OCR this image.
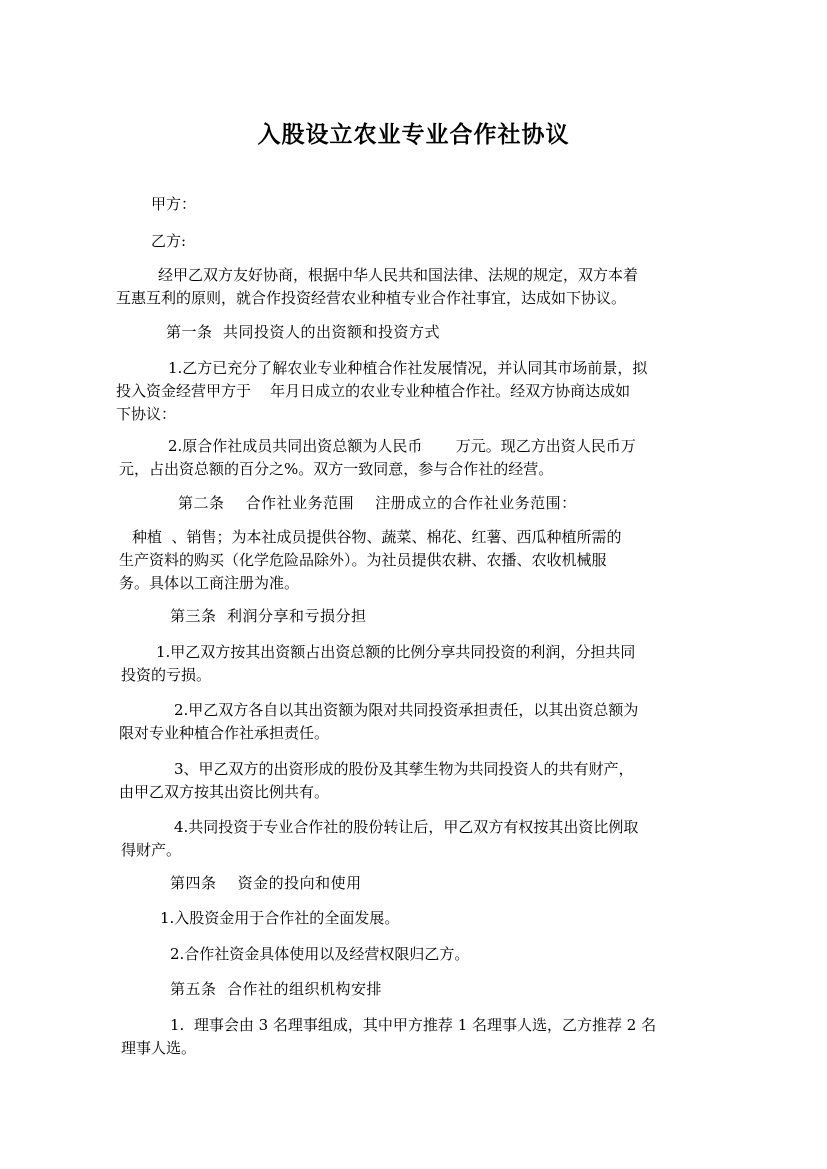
入股设立农业专业合作社协议

甲方：

乙方:

经甲乙双方友好协商，根据中华人民共和国法律、法规的规定，双方本着

互惠互利的原则，就合作投资经营农业种植专业合作社事宜，达成如下协议。

第一条  共同投资人的出资额和投资方式

1.乙方已充分了解农业专业种植合作社发展情况，并认同其市场前景，拟

投入资金经营甲方于    年月日成立的农业专业种植合作社。经双方协商达成如

下协议：

2.原合作社成员共同出资总额为人民币       万元。现乙方出资人民币万

元，占出资总额的百分之%。双方一致同意，参与合作社的经营。

第二条    合作社业务范围    注册成立的合作社业务范围：

种植  、销售；为本社成员提供谷物、蔬菜、棉花、红薯、西瓜种植所需的

生产资料的购买（化学危险品除外）。为社员提供农耕、农播、农收机械服

务。具体以工商注册为准。

第三条  利润分享和亏损分担

1.甲乙双方按其出资额占出资总额的比例分享共同投资的利润，分担共同

投资的亏损。

2.甲乙双方各自以其出资额为限对共同投资承担责任，以其出资总额为

限对专业种植合作社承担责任。

3、甲乙双方的出资形成的股份及其孳生物为共同投资人的共有财产，

由甲乙双方按其出资比例共有。

4.共同投资于专业合作社的股份转让后，甲乙双方有权按其出资比例取

得财产。

第四条    资金的投向和使用

1.入股资金用于合作社的全面发展。

2.合作社资金具体使用以及经营权限归乙方。

第五条  合作社的组织机构安排

1.  理事会由 3 名理事组成，其中甲方推荐 1 名理事人选，乙方推荐 2 名

理事人选。
